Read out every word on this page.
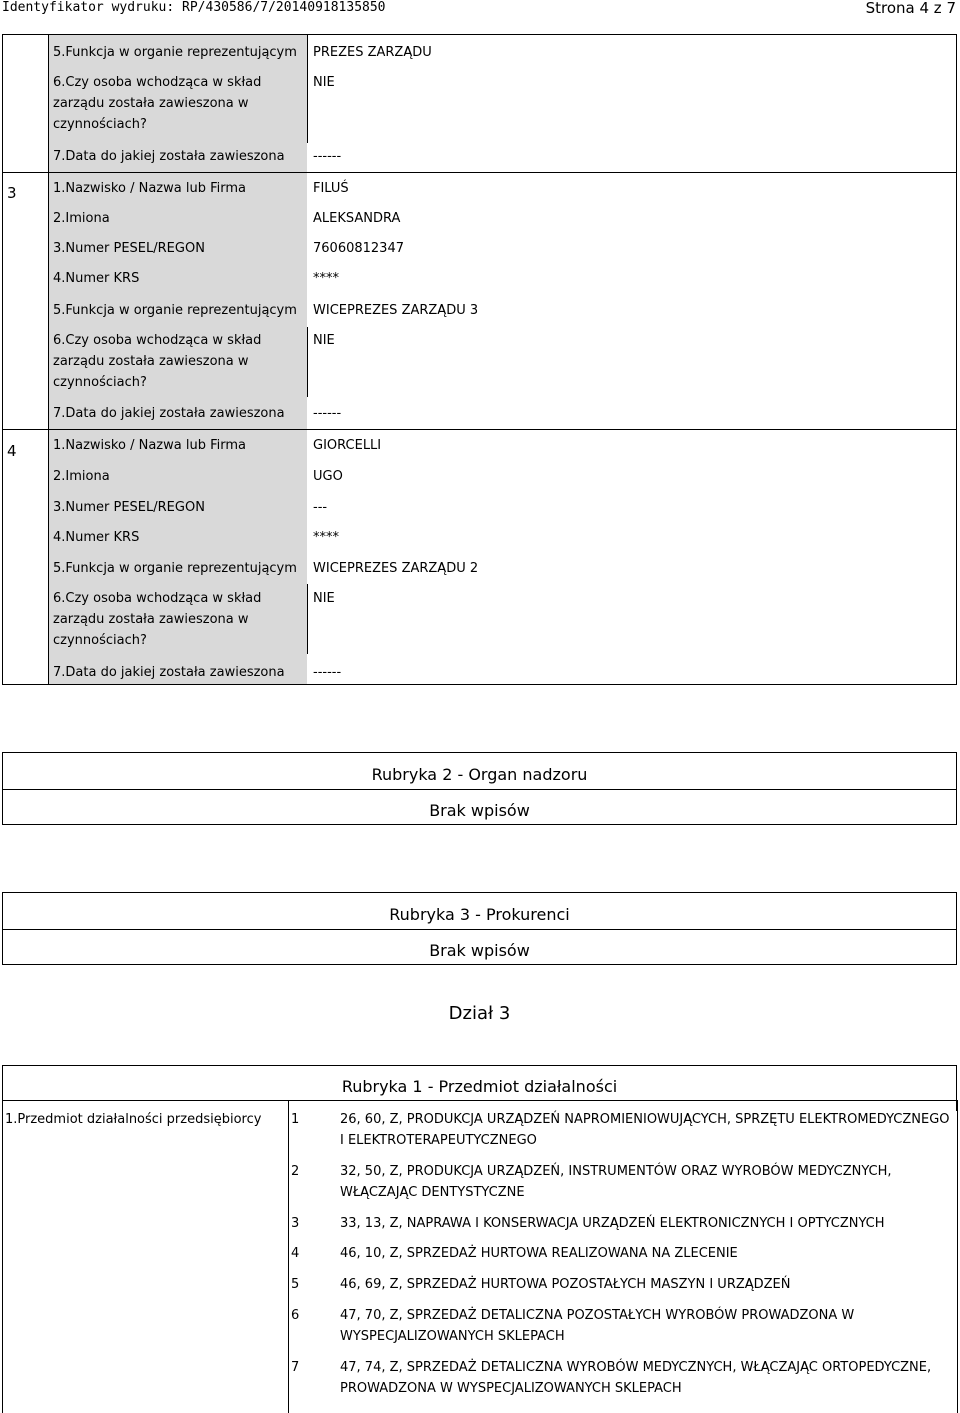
Identyfikator wydruku: RP/430586/7/20140918135850	Strona 4 z 7
5.Funkcja w organie reprezentującym	PREZES ZARZĄDU
6.Czy osoba wchodząca w skład zarządu została zawieszona w czynnościach?
NIE
7.Data do jakiej została zawieszona	------
3	1.Nazwisko / Nazwa lub Firma	FILUŚ
2.Imiona	ALEKSANDRA
3.Numer PESEL/REGON	76060812347
4.Numer KRS	****
5.Funkcja w organie reprezentującym	WICEPREZES ZARZĄDU 3
6.Czy osoba wchodząca w skład zarządu została zawieszona w czynnościach?
NIE
7.Data do jakiej została zawieszona	------
4	1.Nazwisko / Nazwa lub Firma	GIORCELLI
2.Imiona	UGO
3.Numer PESEL/REGON	---
4.Numer KRS	****
5.Funkcja w organie reprezentującym	WICEPREZES ZARZĄDU 2
6.Czy osoba wchodząca w skład zarządu została zawieszona w czynnościach?
NIE
7.Data do jakiej została zawieszona	------
Rubryka 2 - Organ nadzoru
Brak wpisów
Rubryka 3 - Prokurenci
Brak wpisów
Dział 3
Rubryka 1 - Przedmiot działalności
1.Przedmiot działalności przedsiębiorcy	1	26, 60, Z, PRODUKCJA URZĄDZEŃ NAPROMIENIOWUJĄCYCH, SPRZĘTU ELEKTROMEDYCZNEGO I ELEKTROTERAPEUTYCZNEGO
2	32, 50, Z, PRODUKCJA URZĄDZEŃ, INSTRUMENTÓW ORAZ WYROBÓW MEDYCZNYCH, WŁĄCZAJĄC DENTYSTYCZNE
3	33, 13, Z, NAPRAWA I KONSERWACJA URZĄDZEŃ ELEKTRONICZNYCH I OPTYCZNYCH
4	46, 10, Z, SPRZEDAŻ HURTOWA REALIZOWANA NA ZLECENIE
5	46, 69, Z, SPRZEDAŻ HURTOWA POZOSTAŁYCH MASZYN I URZĄDZEŃ
6	47, 70, Z, SPRZEDAŻ DETALICZNA POZOSTAŁYCH WYROBÓW PROWADZONA W WYSPECJALIZOWANYCH SKLEPACH
7	47, 74, Z, SPRZEDAŻ DETALICZNA WYROBÓW MEDYCZNYCH, WŁĄCZAJĄC ORTOPEDYCZNE, PROWADZONA W WYSPECJALIZOWANYCH SKLEPACH
